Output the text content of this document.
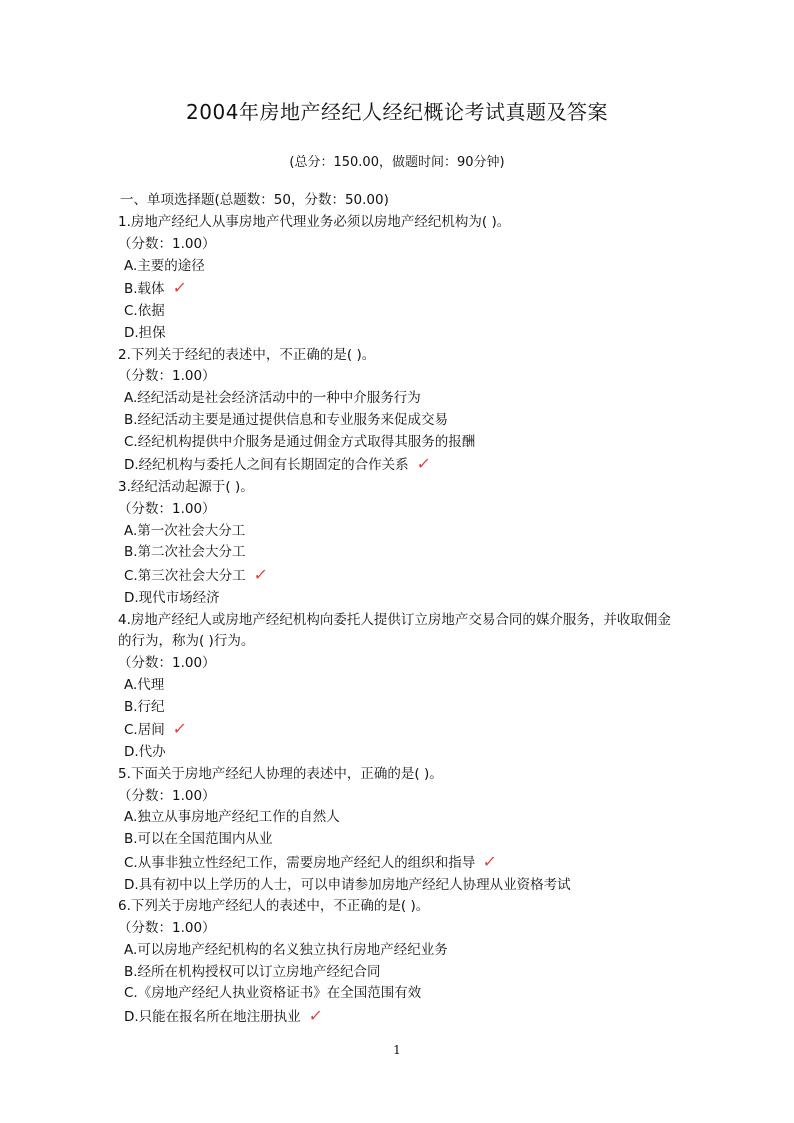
2004年房地产经纪人经纪概论考试真题及答案
(总分：150.00，做题时间：90分钟)
一、单项选择题(总题数：50，分数：50.00)
1.房地产经纪人从事房地产代理业务必须以房地产经纪机构为( )。
（分数：1.00）
A.主要的途径
B.载体 ✓
C.依据
D.担保
2.下列关于经纪的表述中，不正确的是( )。
（分数：1.00）
A.经纪活动是社会经济活动中的一种中介服务行为
B.经纪活动主要是通过提供信息和专业服务来促成交易
C.经纪机构提供中介服务是通过佣金方式取得其服务的报酬
D.经纪机构与委托人之间有长期固定的合作关系 ✓
3.经纪活动起源于( )。
（分数：1.00）
A.第一次社会大分工
B.第二次社会大分工
C.第三次社会大分工 ✓
D.现代市场经济
4.房地产经纪人或房地产经纪机构向委托人提供订立房地产交易合同的媒介服务，并收取佣金的行为，称为( )行为。
（分数：1.00）
A.代理
B.行纪
C.居间 ✓
D.代办
5.下面关于房地产经纪人协理的表述中，正确的是( )。
（分数：1.00）
A.独立从事房地产经纪工作的自然人
B.可以在全国范围内从业
C.从事非独立性经纪工作，需要房地产经纪人的组织和指导 ✓
D.具有初中以上学历的人士，可以申请参加房地产经纪人协理从业资格考试
6.下列关于房地产经纪人的表述中，不正确的是( )。
（分数：1.00）
A.可以房地产经纪机构的名义独立执行房地产经纪业务
B.经所在机构授权可以订立房地产经纪合同
C.《房地产经纪人执业资格证书》在全国范围有效
D.只能在报名所在地注册执业 ✓
1
